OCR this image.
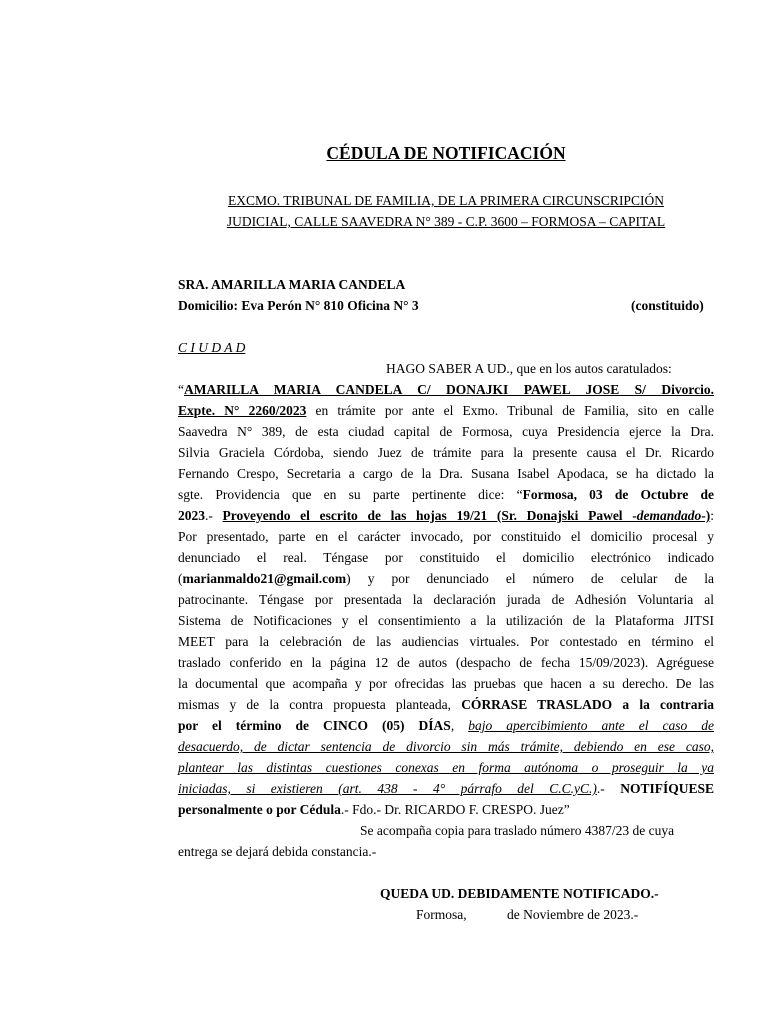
CÉDULA DE NOTIFICACIÓN
EXCMO. TRIBUNAL DE FAMILIA, DE LA PRIMERA CIRCUNSCRIPCIÓN
JUDICIAL, CALLE SAAVEDRA N° 389 - C.P. 3600 – FORMOSA – CAPITAL
SRA. AMARILLA MARIA CANDELA
Domicilio: Eva Perón N° 810 Oficina N° 3	(constituido)
C I U D A D
HAGO SABER A UD., que en los autos caratulados:
“AMARILLA MARIA CANDELA C/ DONAJKI PAWEL JOSE S/ Divorcio.
Expte. N° 2260/2023 en trámite por ante el Exmo. Tribunal de Familia, sito en calle
Saavedra N° 389, de esta ciudad capital de Formosa, cuya Presidencia ejerce la Dra.
Silvia Graciela Córdoba, siendo Juez de trámite para la presente causa el Dr. Ricardo
Fernando Crespo, Secretaria a cargo de la Dra. Susana Isabel Apodaca, se ha dictado la
sgte. Providencia que en su parte pertinente dice: “Formosa, 03 de Octubre de
2023.- Proveyendo el escrito de las hojas 19/21 (Sr. Donajski Pawel -demandado-):
Por presentado, parte en el carácter invocado, por constituido el domicilio procesal y
denunciado el real. Téngase por constituido el domicilio electrónico indicado
(marianmaldo21@gmail.com) y por denunciado el número de celular de la
patrocinante. Téngase por presentada la declaración jurada de Adhesión Voluntaria al
Sistema de Notificaciones y el consentimiento a la utilización de la Plataforma JITSI
MEET para la celebración de las audiencias virtuales. Por contestado en término el
traslado conferido en la página 12 de autos (despacho de fecha 15/09/2023). Agréguese
la documental que acompaña y por ofrecidas las pruebas que hacen a su derecho. De las
mismas y de la contra propuesta planteada, CÓRRASE TRASLADO a la contraria
por el término de CINCO (05) DÍAS, bajo apercibimiento ante el caso de
desacuerdo, de dictar sentencia de divorcio sin más trámite, debiendo en ese caso,
plantear las distintas cuestiones conexas en forma autónoma o proseguir la ya
iniciadas, si existieren (art. 438 - 4° párrafo del C.C.yC.).- NOTIFÍQUESE
personalmente o por Cédula.- Fdo.- Dr. RICARDO F. CRESPO. Juez”
Se acompaña copia para traslado número 4387/23 de cuya
entrega se dejará debida constancia.-
QUEDA UD. DEBIDAMENTE NOTIFICADO.-
Formosa,	de Noviembre de 2023.-
